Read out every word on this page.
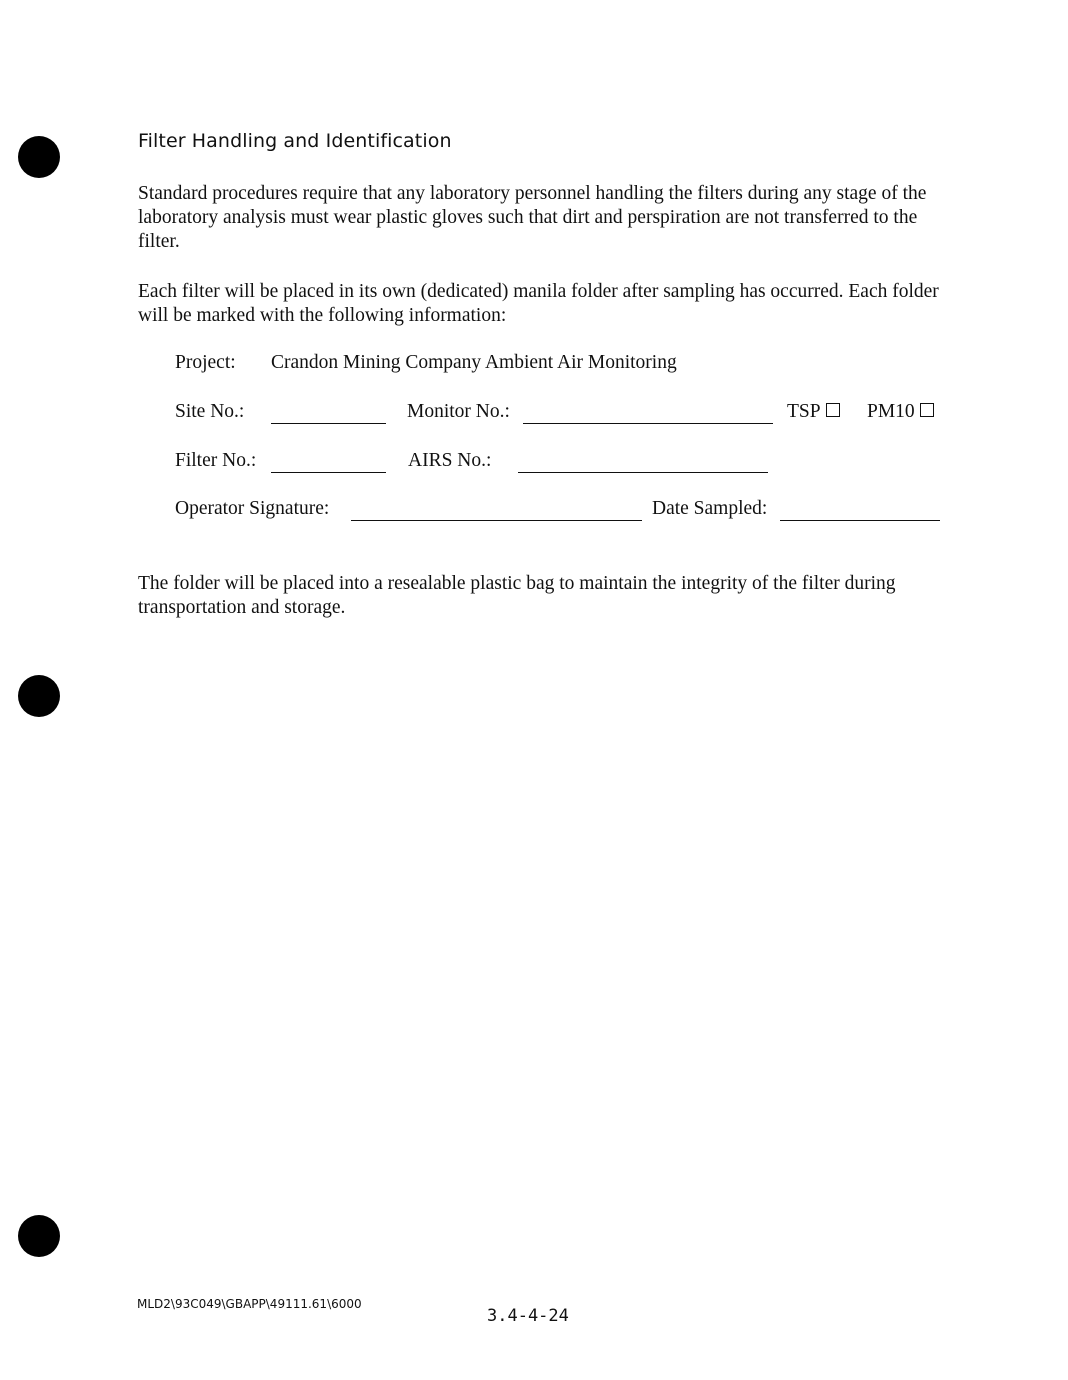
Filter Handling and Identification

Standard procedures require that any laboratory personnel handling the filters during any stage of the laboratory analysis must wear plastic gloves such that dirt and perspiration are not transferred to the filter.

Each filter will be placed in its own (dedicated) manila folder after sampling has occurred. Each folder will be marked with the following information:

Project: Crandon Mining Company Ambient Air Monitoring
Site No.:	Monitor No.:	TSP	PM10
Filter No.:	AIRS No.:
Operator Signature:	Date Sampled:

The folder will be placed into a resealable plastic bag to maintain the integrity of the filter during transportation and storage.

MLD2\93C049\GBAPP\49111.61\6000
3.4-4-24
